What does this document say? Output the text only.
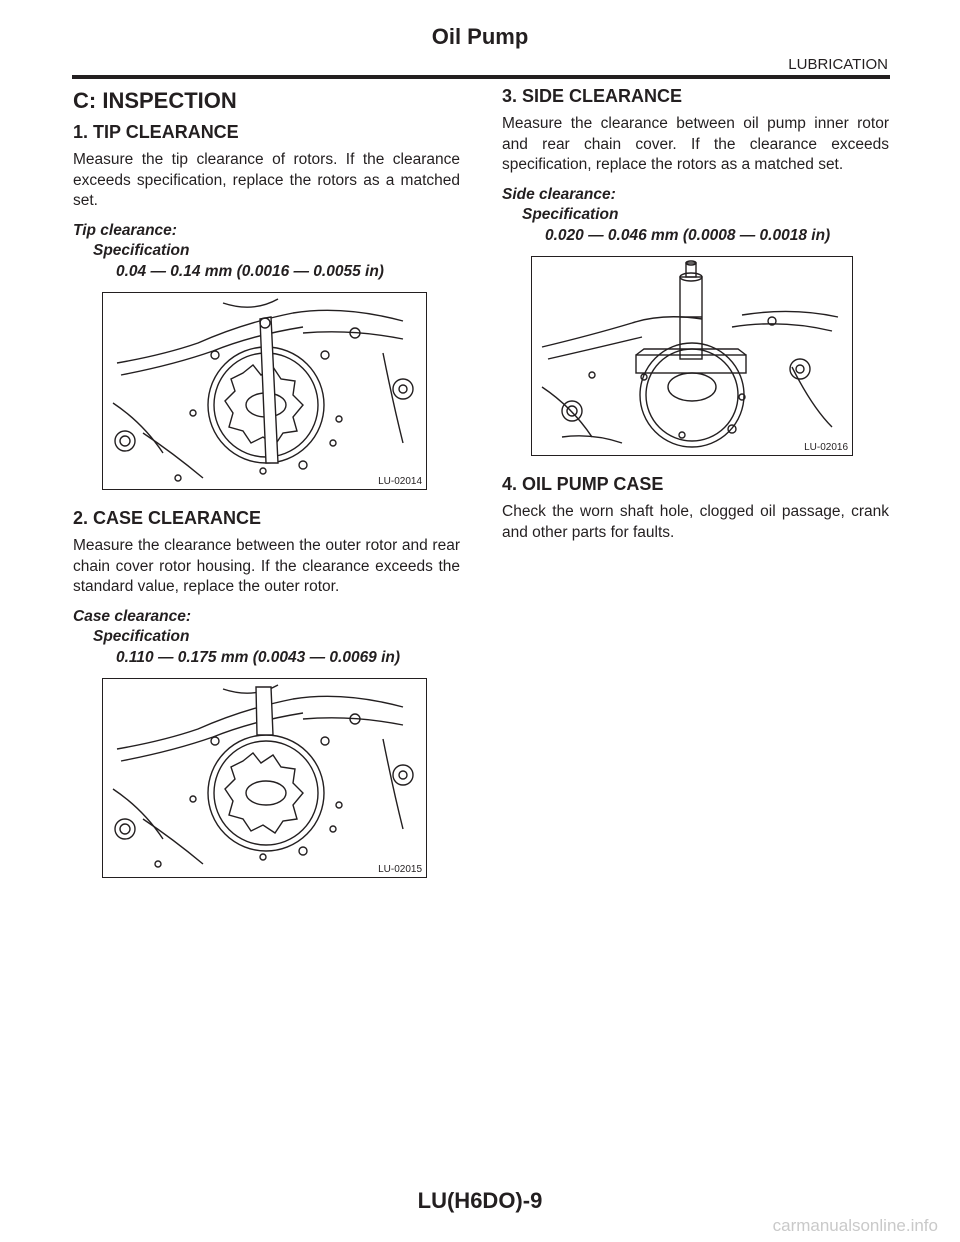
Oil Pump
LUBRICATION
C: INSPECTION
1. TIP CLEARANCE

Measure the tip clearance of rotors. If the clearance exceeds specification, replace the rotors as a matched set.

Tip clearance:
Specification
0.04 — 0.14 mm (0.0016 — 0.0055 in)
LU-02014
2. CASE CLEARANCE

Measure the clearance between the outer rotor and rear chain cover rotor housing. If the clearance exceeds the standard value, replace the outer rotor.

Case clearance:
Specification
0.110 — 0.175 mm (0.0043 — 0.0069 in)
LU-02015
3. SIDE CLEARANCE

Measure the clearance between oil pump inner rotor and rear chain cover. If the clearance exceeds specification, replace the rotors as a matched set.

Side clearance:
Specification
0.020 — 0.046 mm (0.0008 — 0.0018 in)
LU-02016
4. OIL PUMP CASE

Check the worn shaft hole, clogged oil passage, crank and other parts for faults.

LU(H6DO)-9
carmanualsonline.info
